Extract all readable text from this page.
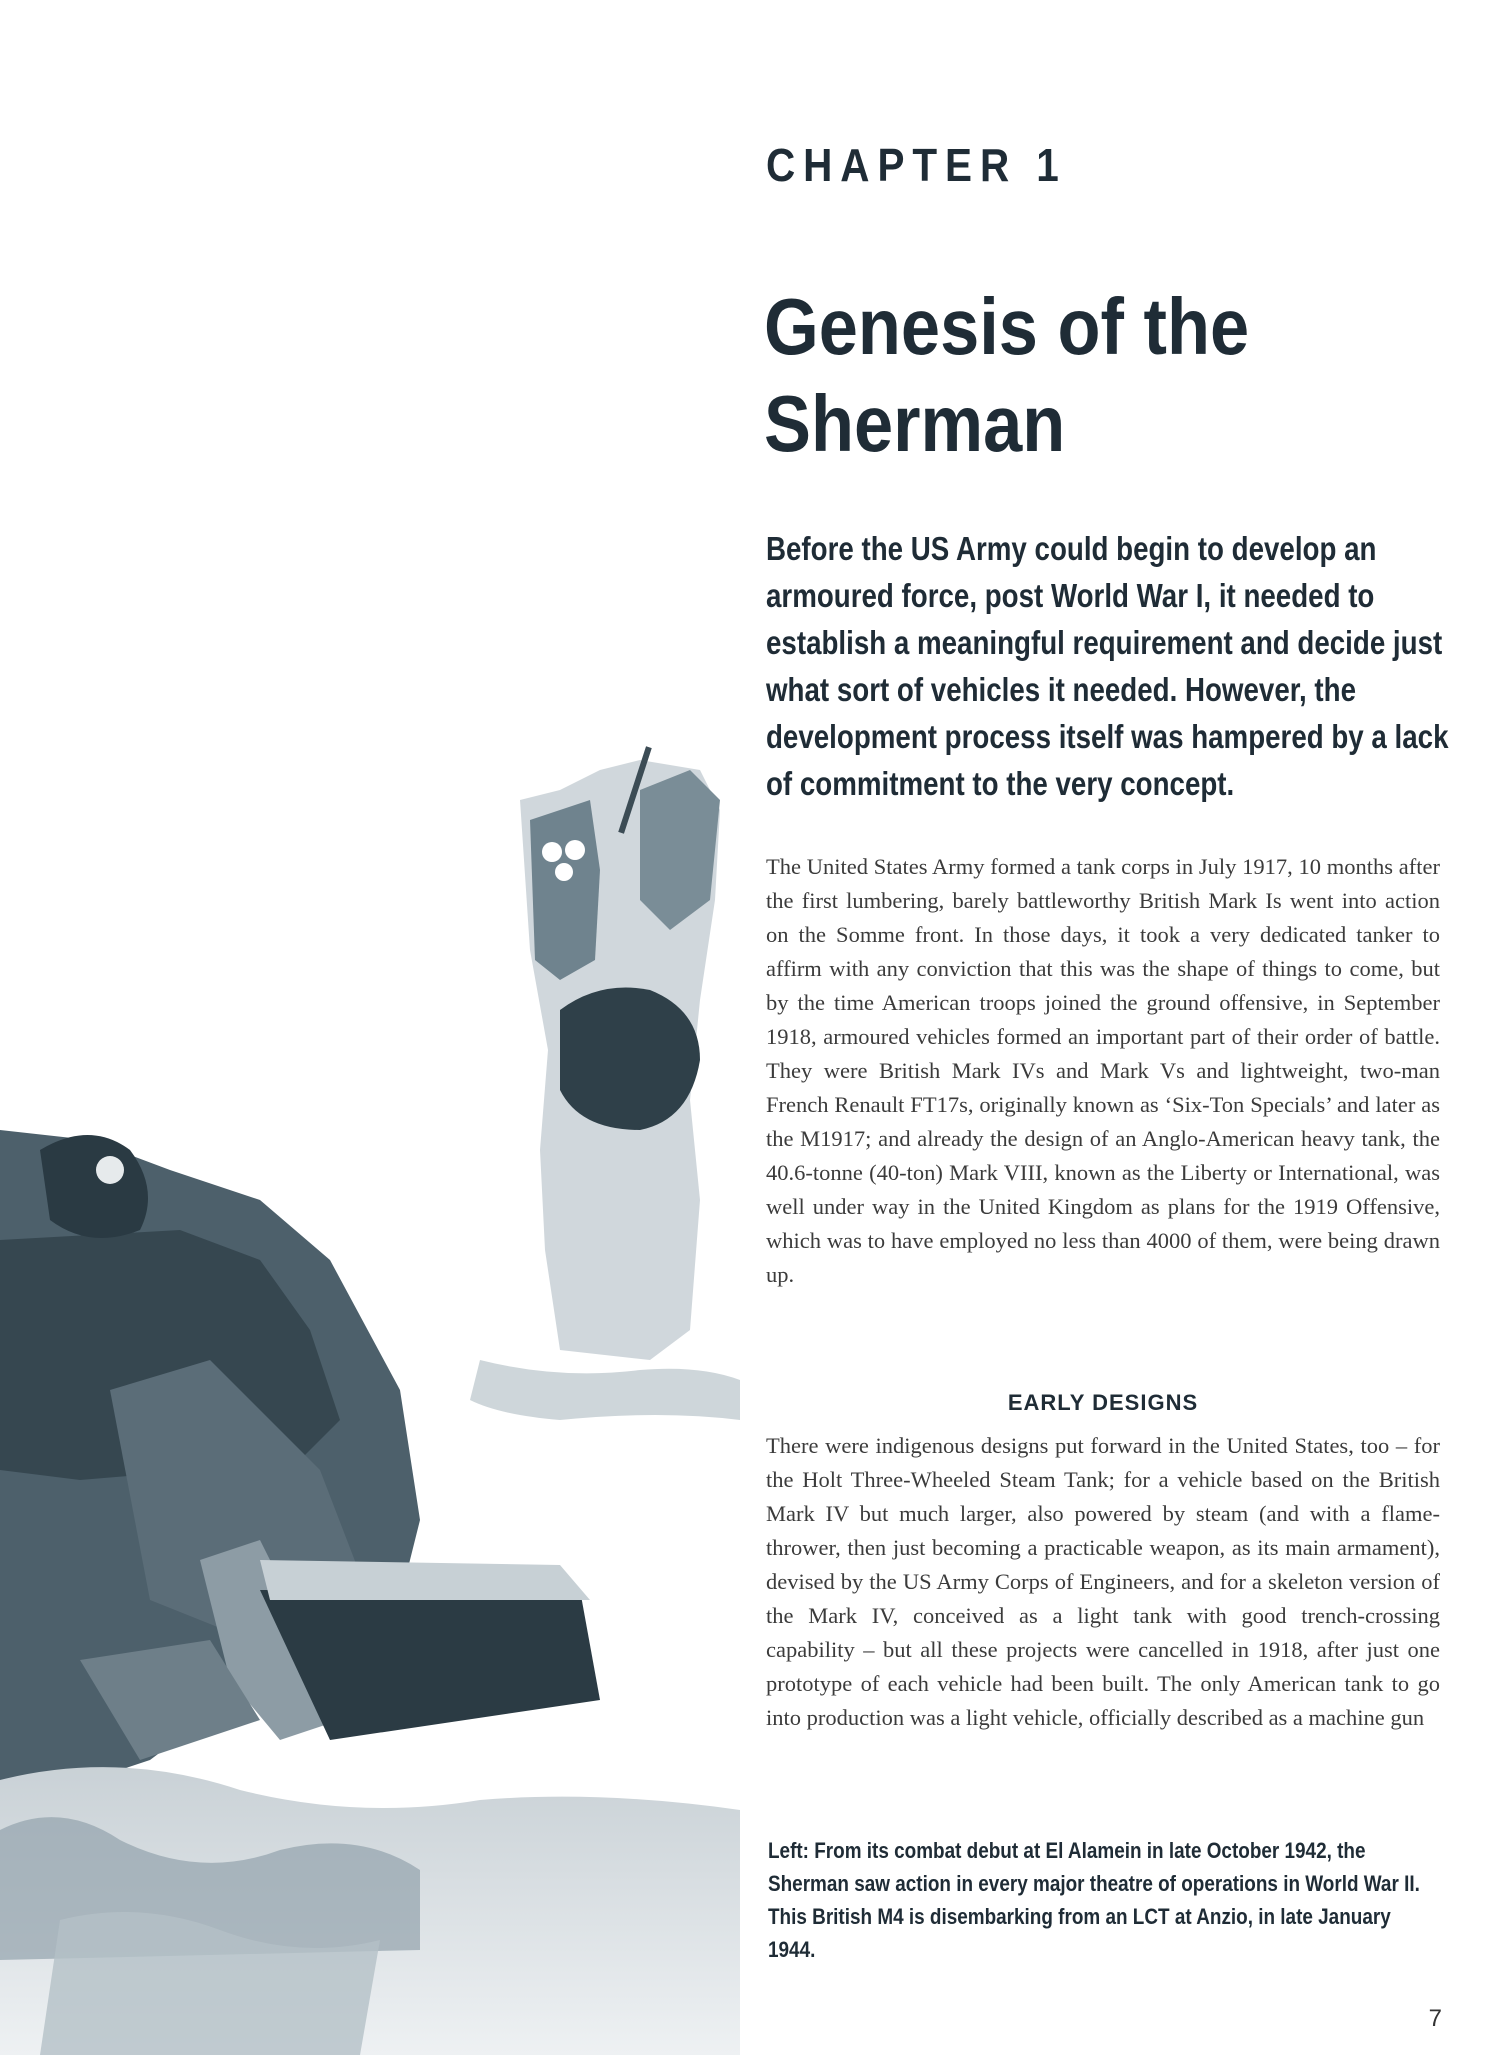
CHAPTER 1
Genesis of the Sherman

Before the US Army could begin to develop an armoured force, post World War I, it needed to establish a meaningful requirement and decide just what sort of vehicles it needed. However, the development process itself was hampered by a lack of commitment to the very concept.

The United States Army formed a tank corps in July 1917, 10 months after the first lumbering, barely battleworthy British Mark Is went into action on the Somme front. In those days, it took a very dedicated tanker to affirm with any conviction that this was the shape of things to come, but by the time American troops joined the ground offensive, in September 1918, armoured vehicles formed an important part of their order of battle. They were British Mark IVs and Mark Vs and lightweight, two-man French Renault FT17s, originally known as ‘Six-Ton Specials’ and later as the M1917; and already the design of an Anglo-American heavy tank, the 40.6-tonne (40-ton) Mark VIII, known as the Liberty or International, was well under way in the United Kingdom as plans for the 1919 Offensive, which was to have employed no less than 4000 of them, were being drawn up.

EARLY DESIGNS

There were indigenous designs put forward in the United States, too – for the Holt Three-Wheeled Steam Tank; for a vehicle based on the British Mark IV but much larger, also powered by steam (and with a flame-thrower, then just becoming a practicable weapon, as its main armament), devised by the US Army Corps of Engineers, and for a skeleton version of the Mark IV, conceived as a light tank with good trench-crossing capability – but all these projects were cancelled in 1918, after just one prototype of each vehicle had been built. The only American tank to go into production was a light vehicle, officially described as a machine gun

Left: From its combat debut at El Alamein in late October 1942, the Sherman saw action in every major theatre of operations in World War II. This British M4 is disembarking from an LCT at Anzio, in late January 1944.

7
